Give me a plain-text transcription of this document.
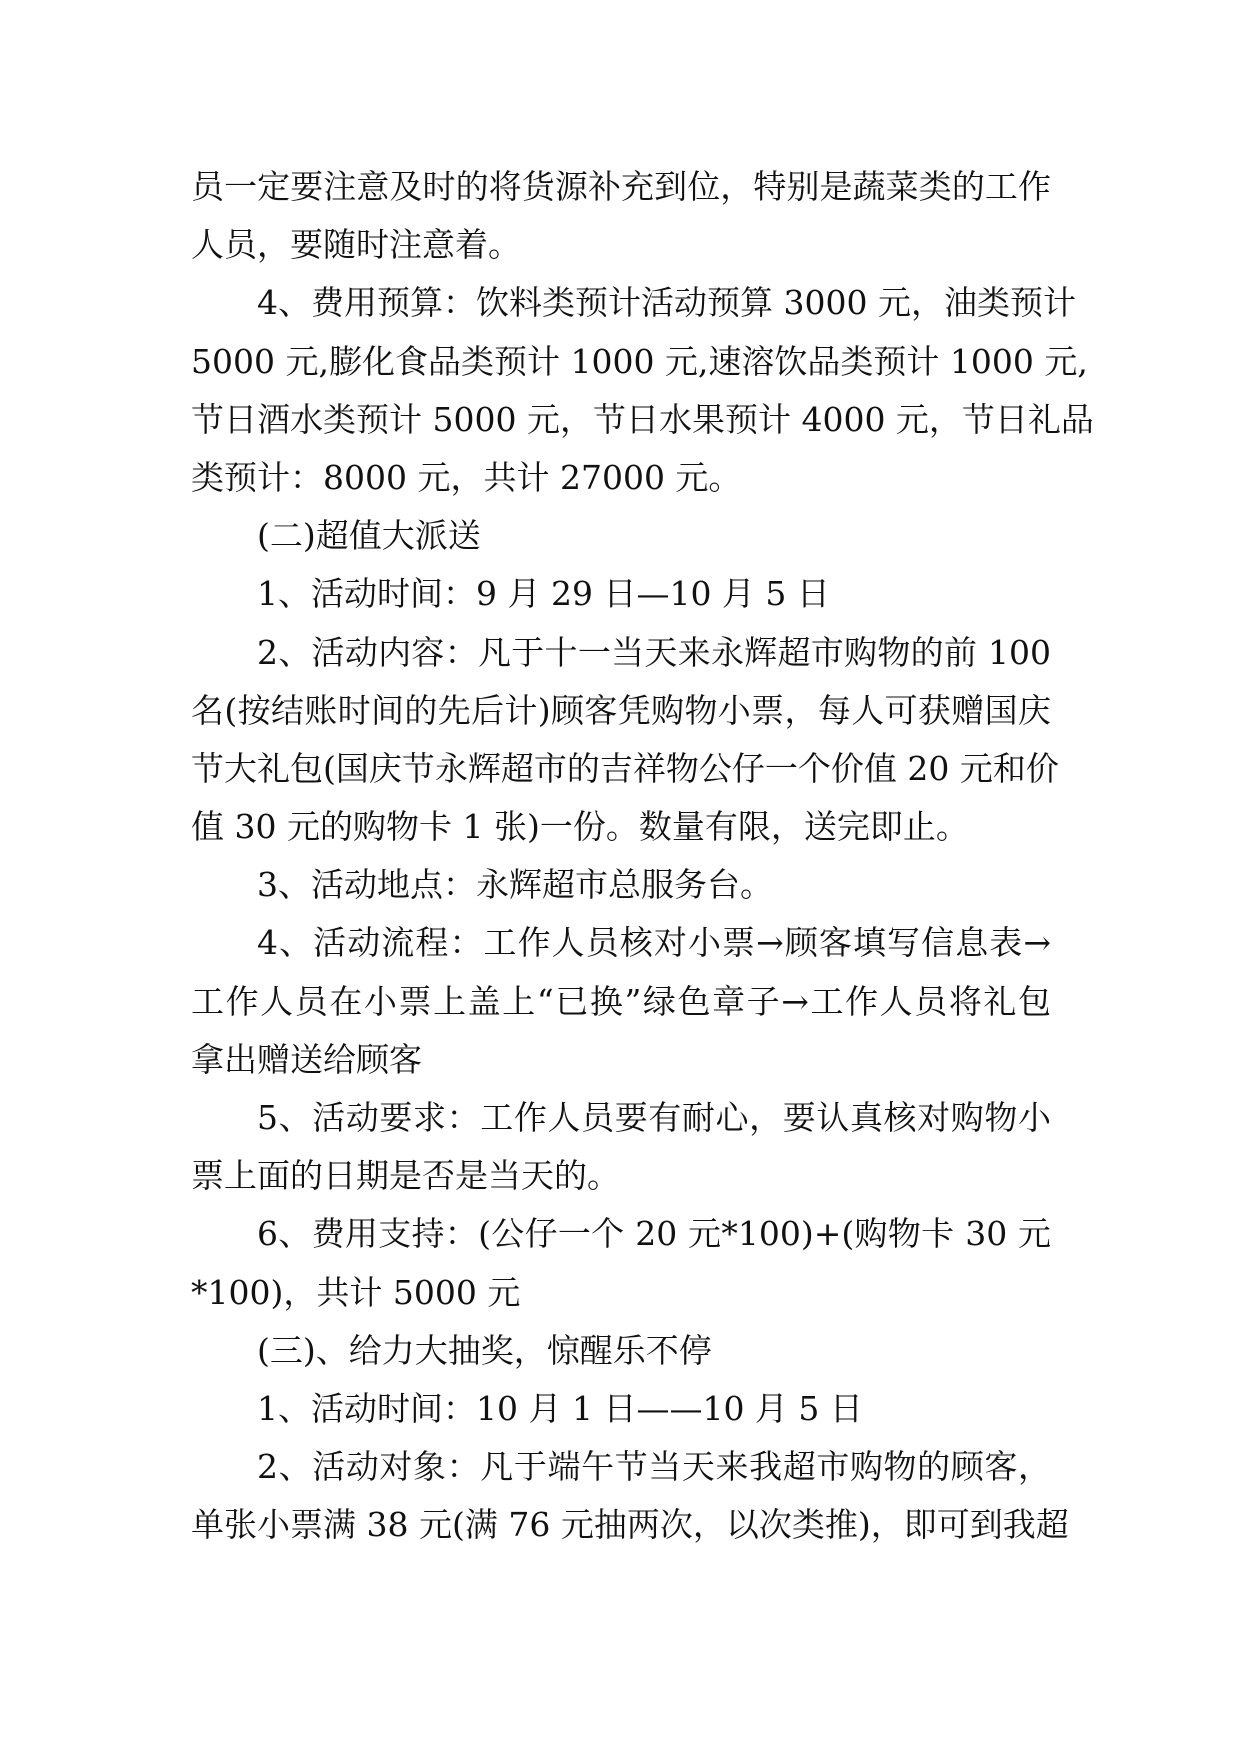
员一定要注意及时的将货源补充到位，特别是蔬菜类的工作
人员，要随时注意着。
4、费用预算：饮料类预计活动预算 3000 元，油类预计
5000 元,膨化食品类预计 1000 元,速溶饮品类预计 1000 元,
节日酒水类预计 5000 元，节日水果预计 4000 元，节日礼品
类预计：8000 元，共计 27000 元。
(二)超值大派送
1、活动时间：9 月 29 日—10 月 5 日
2、活动内容：凡于十一当天来永辉超市购物的前 100
名(按结账时间的先后计)顾客凭购物小票，每人可获赠国庆
节大礼包(国庆节永辉超市的吉祥物公仔一个价值 20 元和价
值 30 元的购物卡 1 张)一份。数量有限，送完即止。
3、活动地点：永辉超市总服务台。
4、活动流程：工作人员核对小票→顾客填写信息表→
工作人员在小票上盖上“已换”绿色章子→工作人员将礼包
拿出赠送给顾客
5、活动要求：工作人员要有耐心，要认真核对购物小
票上面的日期是否是当天的。
6、费用支持：(公仔一个 20 元*100)+(购物卡 30 元
*100)，共计 5000 元
(三)、给力大抽奖，惊醒乐不停
1、活动时间：10 月 1 日——10 月 5 日
2、活动对象：凡于端午节当天来我超市购物的顾客，
单张小票满 38 元(满 76 元抽两次，以次类推)，即可到我超
